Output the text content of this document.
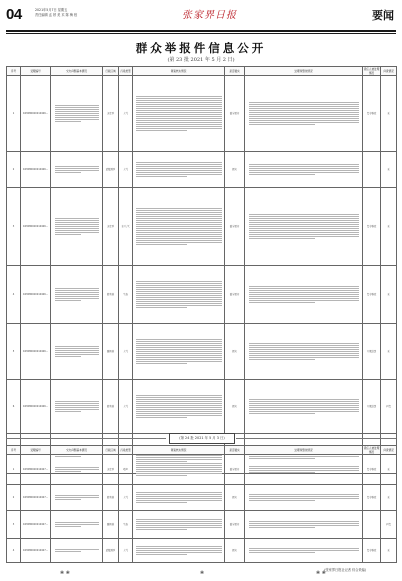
04	2021年5月7日 星期五
责任编辑 孟 婷 美 术 陈 梅 校	张家界日报	要闻
群众举报件信息公开
(第 23 批 2021 年 5 月 2 日)
序号	受理编号	交办问题基本情况	行政区域	污染类型	调查核实情况	是否属实	处理和整改情况	责任人被处理情况	问责情况
1	X43080020210426...		永定区	大气		部分属实		责令整改	无
2	X43080020210426...		武陵源区	大气		属实			无
3	X43080020210426...		永定区	水/大气		部分属实		责令整改	无
4	X43080020210426...		慈利县	生态		部分属实		责令整改	无
5	X43080020210426...		桑植县	大气		属实		立案处罚	无
6	X43080020210426...		慈利县	大气		属实		立案处罚	问责

(第 24 批 2021 年 5 月 3 日)
序号	受理编号	交办问题基本情况	行政区域	污染类型	调查核实情况	是否属实	处理和整改情况	责任人被处理情况	问责情况
1	X43080020210427...		永定区	噪声		部分属实		责令整改	无
2	X43080020210427...		慈利县	大气		属实		责令整改	无
3	X43080020210427...		桑植县	生态		部分属实			问责
4	X43080020210427...		武陵源区	大气		属实		责令整改	无
(张家界日报社记者 综合采编)
❀ ❀	❀	❀ ❀
